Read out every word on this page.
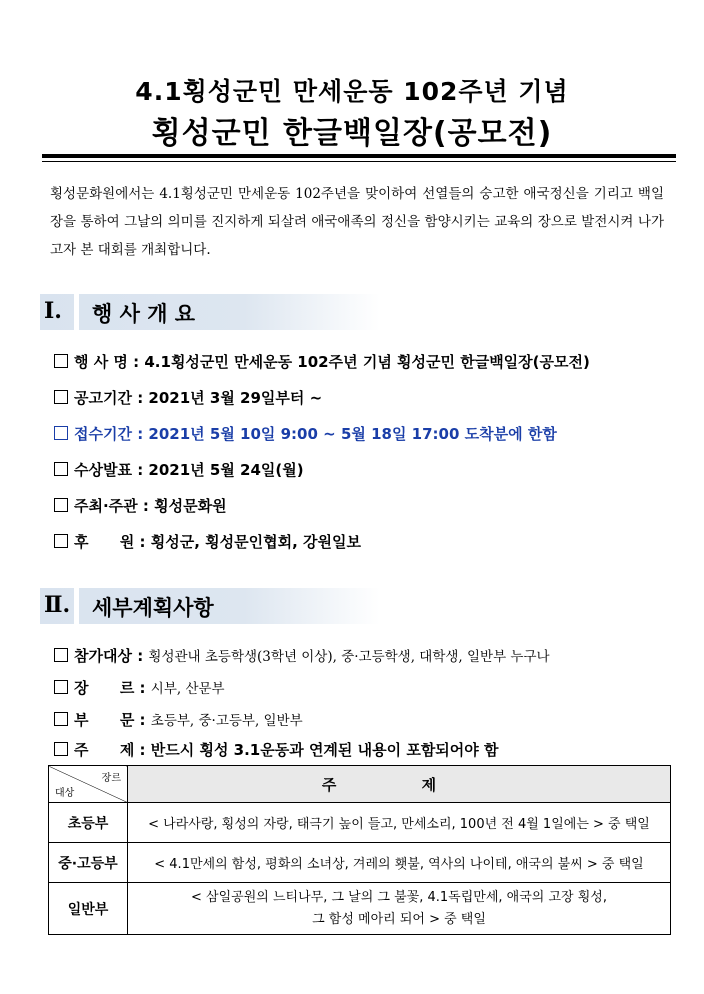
4.1횡성군민 만세운동 102주년 기념
횡성군민 한글백일장(공모전)
횡성문화원에서는 4.1횡성군민 만세운동 102주년을 맞이하여 선열들의 숭고한 애국정신을 기리고 백일장을 통하여 그날의 의미를 진지하게 되살려 애국애족의 정신을 함양시키는 교육의 장으로 발전시켜 나가고자 본 대회를 개최합니다.
Ⅰ. 행 사 개 요
행 사 명 : 4.1횡성군민 만세운동 102주년 기념 횡성군민 한글백일장(공모전)
공고기간 : 2021년 3월 29일부터 ~
접수기간 : 2021년 5월 10일 9:00 ~ 5월 18일 17:00 도착분에 한함
수상발표 : 2021년 5월 24일(월)
주최·주관 : 횡성문화원
후      원 : 횡성군, 횡성문인협회, 강원일보
Ⅱ. 세부계획사항
참가대상 : 횡성관내 초등학생(3학년 이상), 중·고등학생, 대학생, 일반부 누구나
장      르 : 시부, 산문부
부      문 : 초등부, 중·고등부, 일반부
주      제 : 반드시 횡성 3.1운동과 연계된 내용이 포함되어야 함
장르
대상	주 제
초등부	< 나라사랑, 횡성의 자랑, 태극기 높이 들고, 만세소리, 100년 전 4월 1일에는 > 중 택일
중·고등부	< 4.1만세의 함성, 평화의 소녀상, 겨레의 횃불, 역사의 나이테, 애국의 불씨 > 중 택일
일반부	< 삼일공원의 느티나무, 그 날의 그 불꽃, 4.1독립만세, 애국의 고장 횡성,
그 함성 메아리 되어 > 중 택일
